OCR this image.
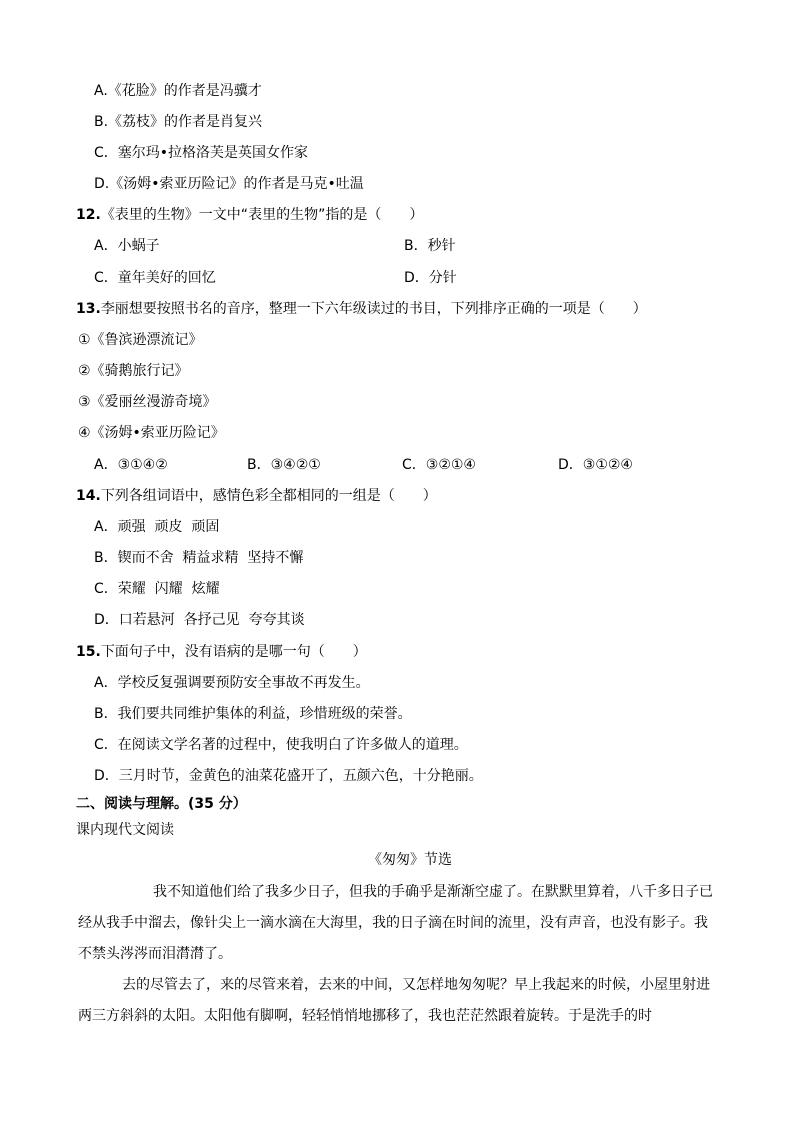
A.《花脸》的作者是冯骥才
B.《荔枝》的作者是肖复兴
C．塞尔玛•拉格洛芙是英国女作家
D.《汤姆•索亚历险记》的作者是马克•吐温
12.《表里的生物》一文中“表里的生物”指的是（　　）
A．小蜗子	B．秒针
C．童年美好的回忆	D．分针
13.李丽想要按照书名的音序，整理一下六年级读过的书目，下列排序正确的一项是（　　）
①《鲁滨逊漂流记》
②《骑鹅旅行记》
③《爱丽丝漫游奇境》
④《汤姆•索亚历险记》
A．③①④②	B．③④②①	C．③②①④	D．③①②④
14.下列各组词语中，感情色彩全都相同的一组是（　　）
A．顽强  顽皮  顽固
B．锲而不舍  精益求精  坚持不懈
C．荣耀  闪耀  炫耀
D．口若悬河  各抒己见  夸夸其谈
15.下面句子中，没有语病的是哪一句（　　）
A．学校反复强调要预防安全事故不再发生。
B．我们要共同维护集体的利益，珍惜班级的荣誉。
C．在阅读文学名著的过程中，使我明白了许多做人的道理。
D．三月时节，金黄色的油菜花盛开了，五颜六色，十分艳丽。
二、阅读与理解。(35 分）
课内现代文阅读
《匆匆》节选
我不知道他们给了我多少日子，但我的手确乎是渐渐空虚了。在默默里算着，八千多日子已经从我手中溜去，像针尖上一滴水滴在大海里，我的日子滴在时间的流里，没有声音，也没有影子。我不禁头涔涔而泪潸潸了。
去的尽管去了，来的尽管来着，去来的中间，又怎样地匆匆呢？早上我起来的时候，小屋里射进两三方斜斜的太阳。太阳他有脚啊，轻轻悄悄地挪移了，我也茫茫然跟着旋转。于是洗手的时
